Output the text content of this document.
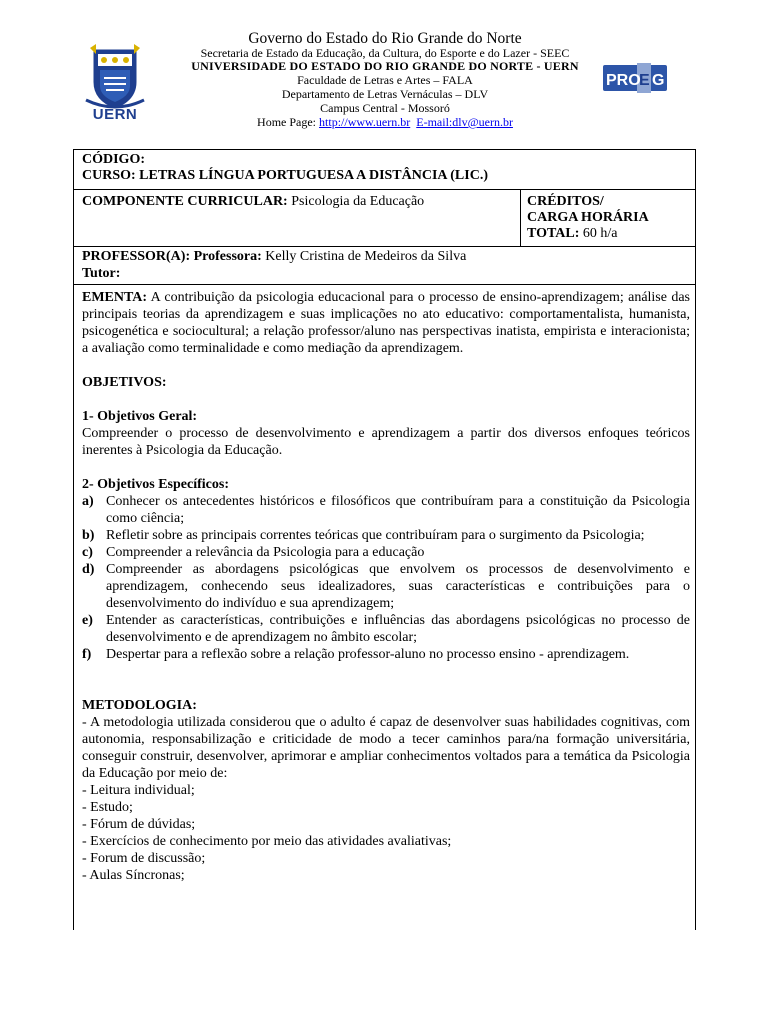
UERN
PRO
E G
Governo do Estado do Rio Grande do Norte
Secretaria de Estado da Educação, da Cultura, do Esporte e do Lazer - SEEC
UNIVERSIDADE DO ESTADO DO RIO GRANDE DO NORTE - UERN
Faculdade de Letras e Artes – FALA
Departamento de Letras Vernáculas – DLV
Campus Central - Mossoró
Home Page: http://www.uern.br E-mail:dlv@uern.br
CÓDIGO:
CURSO: LETRAS LÍNGUA PORTUGUESA A DISTÂNCIA (LIC.)
COMPONENTE CURRICULAR: Psicologia da Educação	CRÉDITOS/
CARGA HORÁRIA
TOTAL: 60 h/a
PROFESSOR(A): Professora: Kelly Cristina de Medeiros da Silva
Tutor:

EMENTA: A contribuição da psicologia educacional para o processo de ensino-aprendizagem; análise das principais teorias da aprendizagem e suas implicações no ato educativo: comportamentalista, humanista, psicogenética e sociocultural; a relação professor/aluno nas perspectivas inatista, empirista e interacionista; a avaliação como terminalidade e como mediação da aprendizagem.

OBJETIVOS:

1- Objetivos Geral:

Compreender o processo de desenvolvimento e aprendizagem a partir dos diversos enfoques teóricos inerentes à Psicologia da Educação.

2- Objetivos Específicos:

a) Conhecer os antecedentes históricos e filosóficos que contribuíram para a constituição da Psicologia como ciência;
b) Refletir sobre as principais correntes teóricas que contribuíram para o surgimento da Psicologia;
c) Compreender a relevância da Psicologia para a educação
d) Compreender as abordagens psicológicas que envolvem os processos de desenvolvimento e aprendizagem, conhecendo seus idealizadores, suas características e contribuições para o desenvolvimento do indivíduo e sua aprendizagem;
e) Entender as características, contribuições e influências das abordagens psicológicas no processo de desenvolvimento e de aprendizagem no âmbito escolar;
f) Despertar para a reflexão sobre a relação professor-aluno no processo ensino - aprendizagem.

METODOLOGIA:

- A metodologia utilizada considerou que o adulto é capaz de desenvolver suas habilidades cognitivas, com autonomia, responsabilização e criticidade de modo a tecer caminhos para/na formação universitária, conseguir construir, desenvolver, aprimorar e ampliar conhecimentos voltados para a temática da Psicologia da Educação por meio de:

- Leitura individual;
- Estudo;
- Fórum de dúvidas;
- Exercícios de conhecimento por meio das atividades avaliativas;
- Forum de discussão;
- Aulas Síncronas;
